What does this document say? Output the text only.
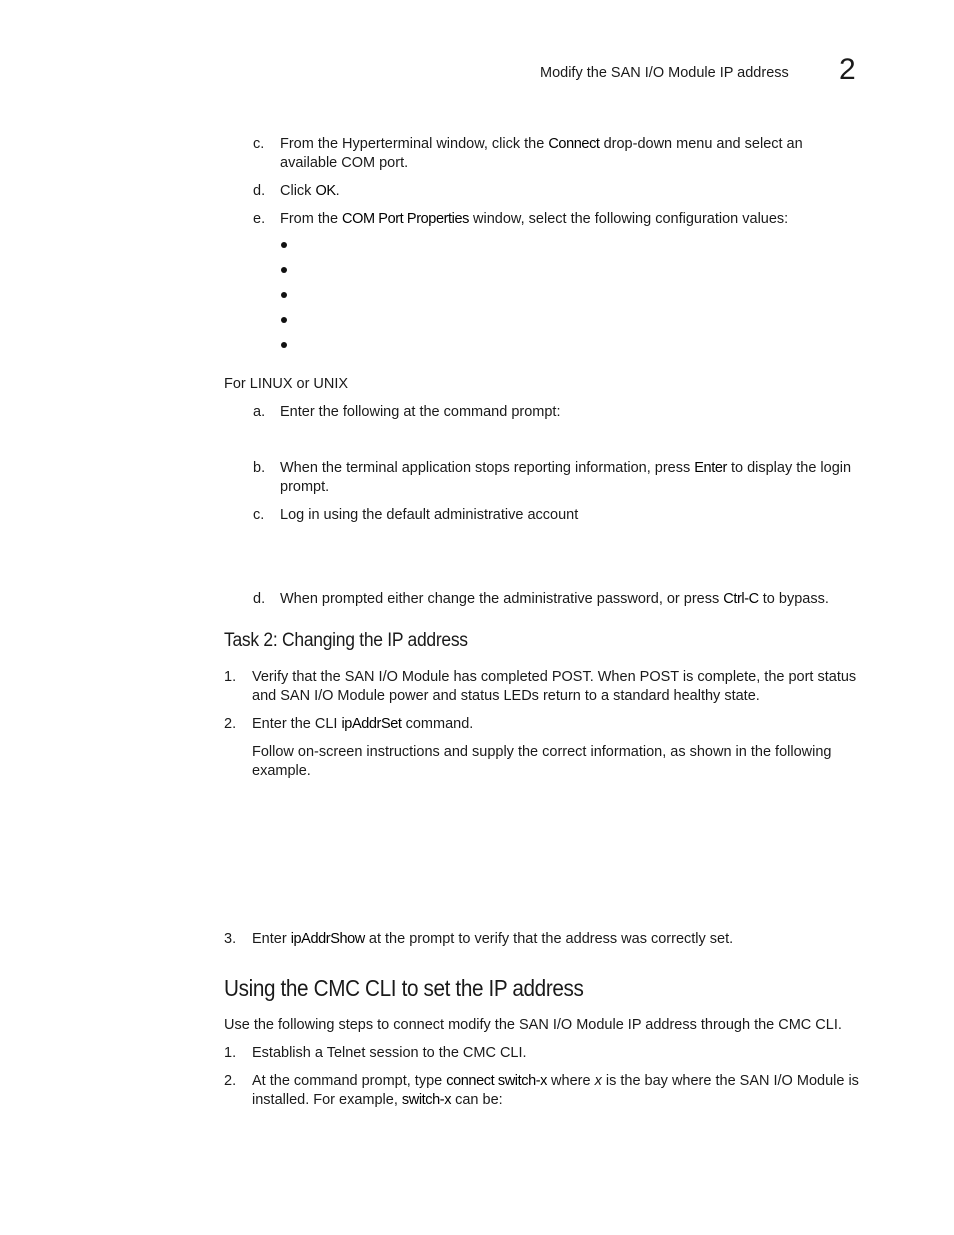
Modify the SAN I/O Module IP address 2
c. From the Hyperterminal window, click the Connect drop-down menu and select an
available COM port.
d. Click OK.
e. From the COM Port Properties window, select the following configuration values:
For LINUX or UNIX
a. Enter the following at the command prompt:
b. When the terminal application stops reporting information, press Enter to display the login
prompt.
c. Log in using the default administrative account
d. When prompted either change the administrative password, or press Ctrl-C to bypass.
Task 2: Changing the IP address
1. Verify that the SAN I/O Module has completed POST. When POST is complete, the port status
and SAN I/O Module power and status LEDs return to a standard healthy state.
2. Enter the CLI ipAddrSet command.
Follow on-screen instructions and supply the correct information, as shown in the following
example.
3. Enter ipAddrShow at the prompt to verify that the address was correctly set.
Using the CMC CLI to set the IP address
Use the following steps to connect modify the SAN I/O Module IP address through the CMC CLI.
1. Establish a Telnet session to the CMC CLI.
2. At the command prompt, type connect switch-x where x is the bay where the SAN I/O Module is
installed. For example, switch-x can be:
